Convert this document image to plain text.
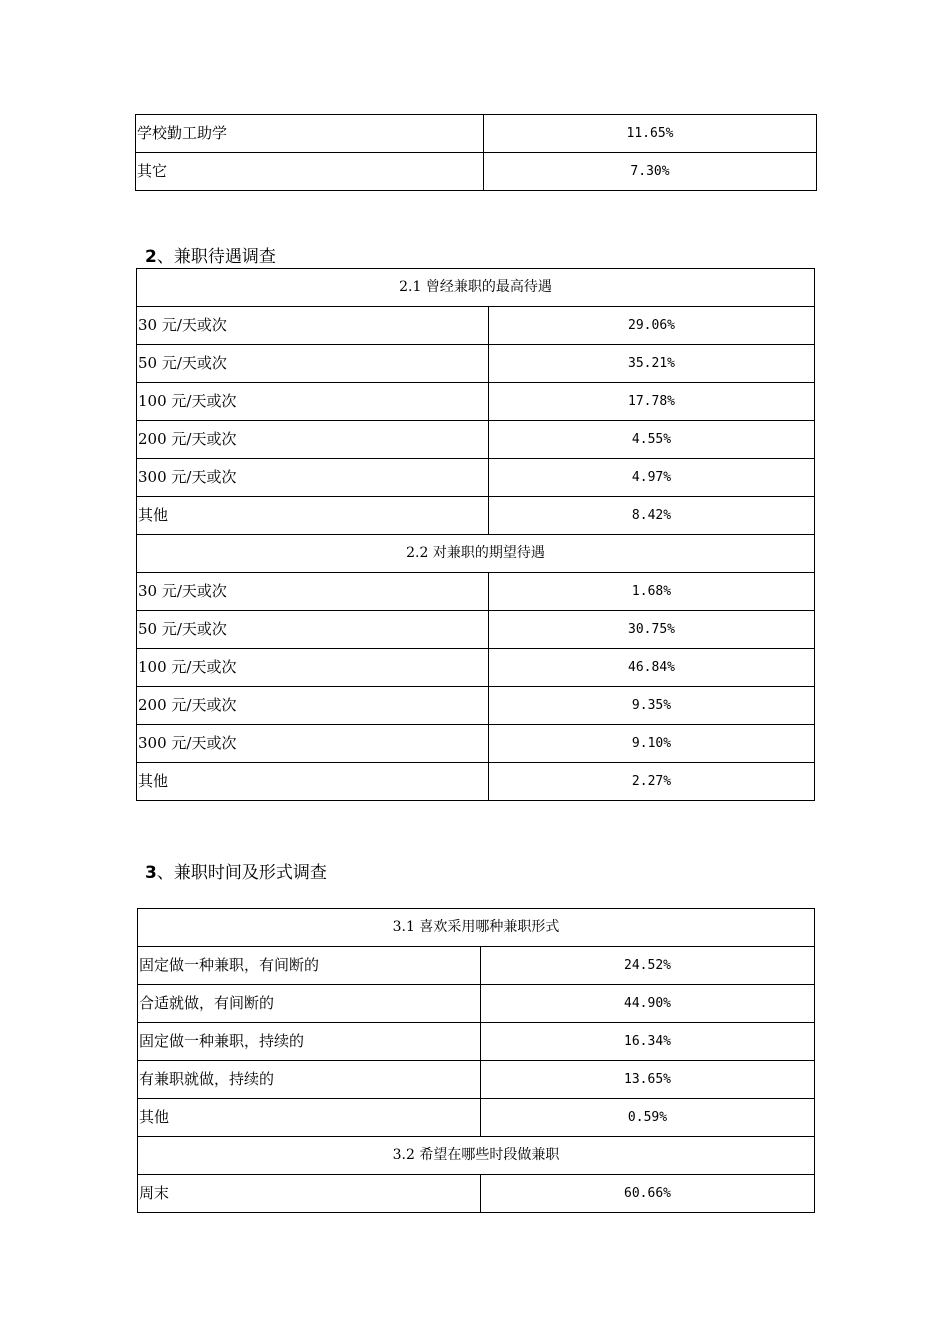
学校勤工助学	11.65%
其它	7.30%
2、兼职待遇调查
2.1 曾经兼职的最高待遇	
30 元/天或次	29.06%
50 元/天或次	35.21%
100 元/天或次	17.78%
200 元/天或次	4.55%
300 元/天或次	4.97%
其他	8.42%
2.2 对兼职的期望待遇	
30 元/天或次	1.68%
50 元/天或次	30.75%
100 元/天或次	46.84%
200 元/天或次	9.35%
300 元/天或次	9.10%
其他	2.27%
3、兼职时间及形式调查
3.1 喜欢采用哪种兼职形式	
固定做一种兼职，有间断的	24.52%
合适就做，有间断的	44.90%
固定做一种兼职，持续的	16.34%
有兼职就做，持续的	13.65%
其他	0.59%
3.2 希望在哪些时段做兼职	
周末	60.66%
